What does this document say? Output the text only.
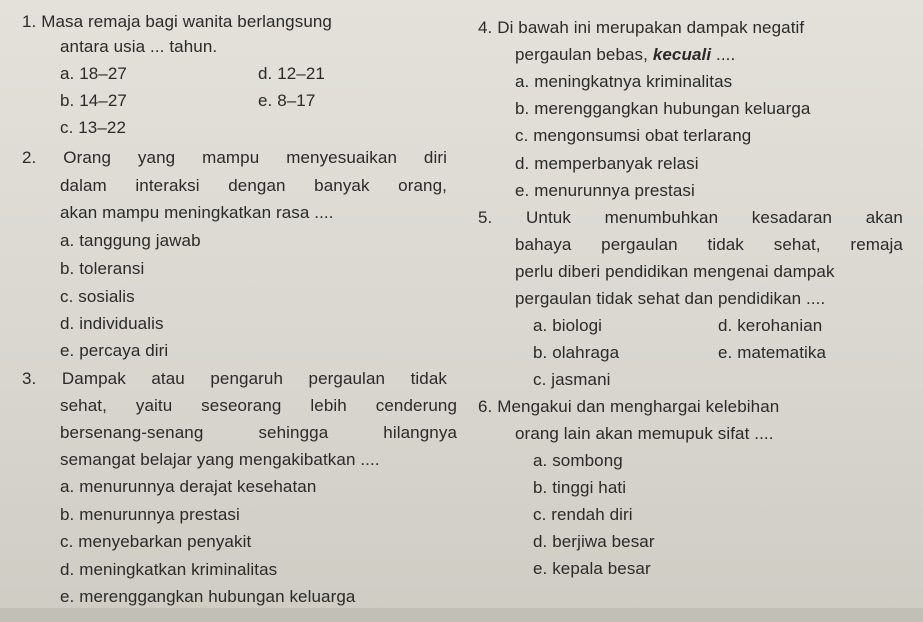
1. Masa remaja bagi wanita berlangsung
antara usia ... tahun.
a. 18–27	d. 12–21
b. 14–27	e. 8–17
c. 13–22
2. Orang yang mampu menyesuaikan diri
dalam interaksi dengan banyak orang,
akan mampu meningkatkan rasa ....
a. tanggung jawab
b. toleransi
c. sosialis
d. individualis
e. percaya diri
3. Dampak atau pengaruh pergaulan tidak
sehat, yaitu seseorang lebih cenderung
bersenang-senang sehingga hilangnya
semangat belajar yang mengakibatkan ....
a. menurunnya derajat kesehatan
b. menurunnya prestasi
c. menyebarkan penyakit
d. meningkatkan kriminalitas
e. merenggangkan hubungan keluarga
4. Di bawah ini merupakan dampak negatif
pergaulan bebas, kecuali ....
a. meningkatnya kriminalitas
b. merenggangkan hubungan keluarga
c. mengonsumsi obat terlarang
d. memperbanyak relasi
e. menurunnya prestasi
5. Untuk menumbuhkan kesadaran akan
bahaya pergaulan tidak sehat, remaja
perlu diberi pendidikan mengenai dampak
pergaulan tidak sehat dan pendidikan ....
a. biologi	d. kerohanian
b. olahraga	e. matematika
c. jasmani
6. Mengakui dan menghargai kelebihan
orang lain akan memupuk sifat ....
a. sombong
b. tinggi hati
c. rendah diri
d. berjiwa besar
e. kepala besar
